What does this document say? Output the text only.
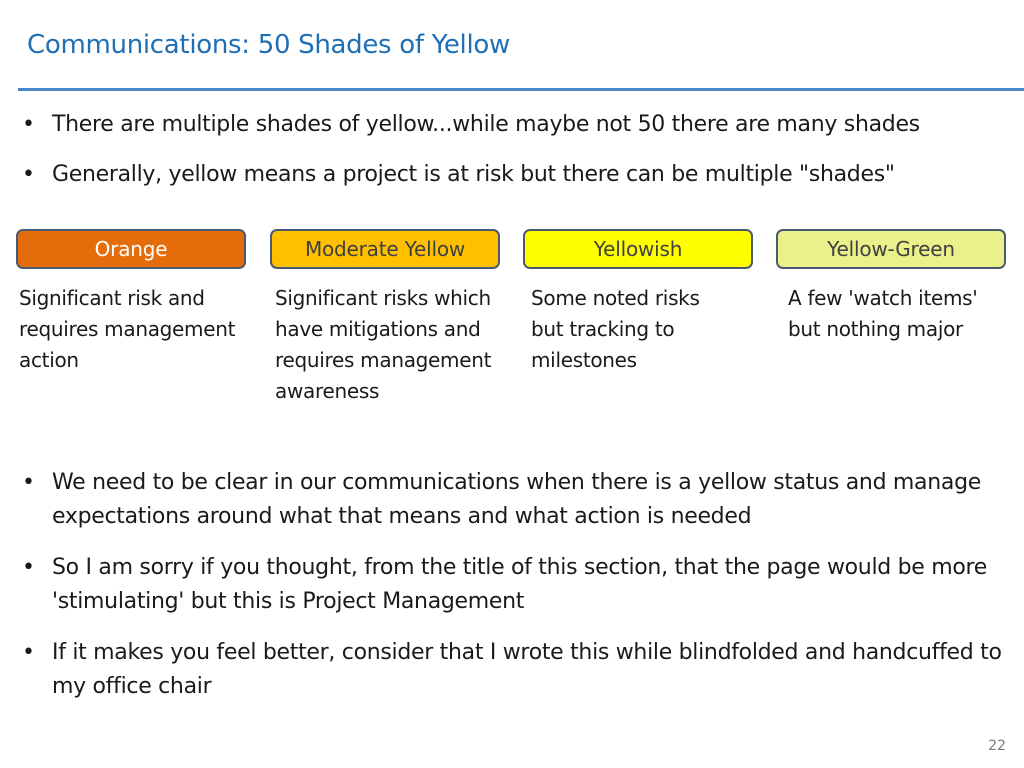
Communications: 50 Shades of Yellow
• There are multiple shades of yellow...while maybe not 50 there are many shades
• Generally, yellow means a project is at risk but there can be multiple "shades"
Orange	Moderate Yellow	Yellowish	Yellow-Green
Significant risk and requires management action
Significant risks which have mitigations and requires management awareness
Some noted risks but tracking to milestones
A few 'watch items' but nothing major
• We need to be clear in our communications when there is a yellow status and manage expectations around what that means and what action is needed
• So I am sorry if you thought, from the title of this section, that the page would be more 'stimulating' but this is Project Management
• If it makes you feel better, consider that I wrote this while blindfolded and handcuffed to my office chair
22
